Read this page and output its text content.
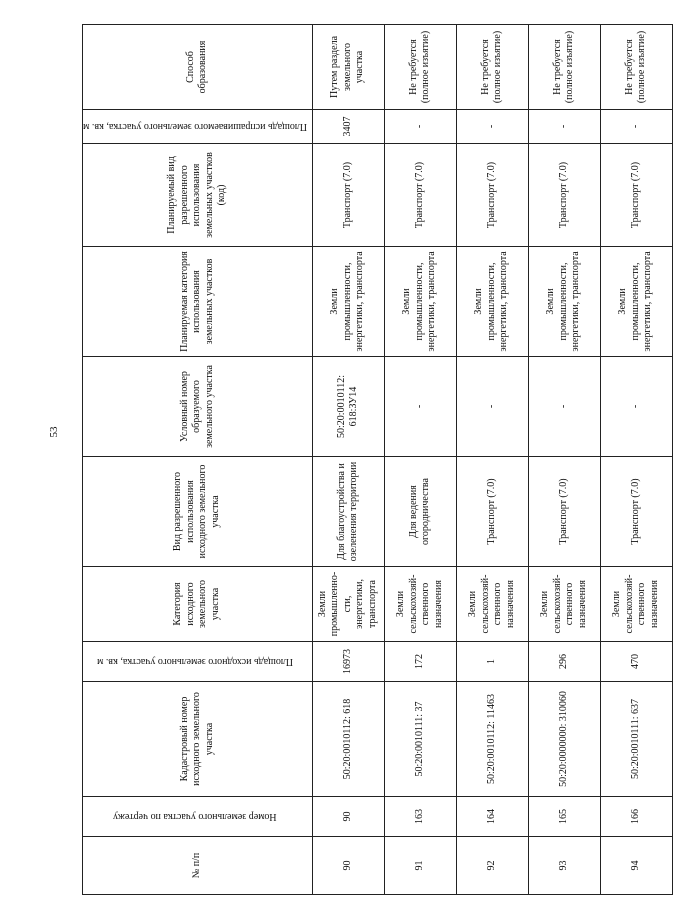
53
№ п/п	Номер земельного участка по чертежу	Кадастровый номер исходного земельного участка	Площадь исходного земельного участка, кв. м	Категория исходного земельного участка	Вид разрешенного использования исходного земельного участка	Условный номер образуемого земельного участка	Планируемая категория использования земельных участков	Планируемый вид разрешенного использования земельных участков (код)	Площадь испрашиваемого земельного участка, кв. м	Способ образования
90	90	50:20:0010112: 618	16973	Земли промышленно-сти, энергетики, транспорта	Для благоустройства и озеленения территории	50:20:0010112: 618:ЗУ14	Земли промышленности, энергетики, транспорта	Транспорт (7.0)	3407	Путем раздела земельного участка
91	163	50:20:0010111: 37	172	Земли сельскохозяй-ственного назначения	Для ведения огородничества	-	Земли промышленности, энергетики, транспорта	Транспорт (7.0)	-	Не требуется (полное изъятие)
92	164	50:20:0010112: 11463	1	Земли сельскохозяй-ственного назначения	Транспорт (7.0)	-	Земли промышленности, энергетики, транспорта	Транспорт (7.0)	-	Не требуется (полное изъятие)
93	165	50:20:0000000: 310060	296	Земли сельскохозяй-ственного назначения	Транспорт (7.0)	-	Земли промышленности, энергетики, транспорта	Транспорт (7.0)	-	Не требуется (полное изъятие)
94	166	50:20:0010111: 637	470	Земли сельскохозяй-ственного назначения	Транспорт (7.0)	-	Земли промышленности, энергетики, транспорта	Транспорт (7.0)	-	Не требуется (полное изъятие)
